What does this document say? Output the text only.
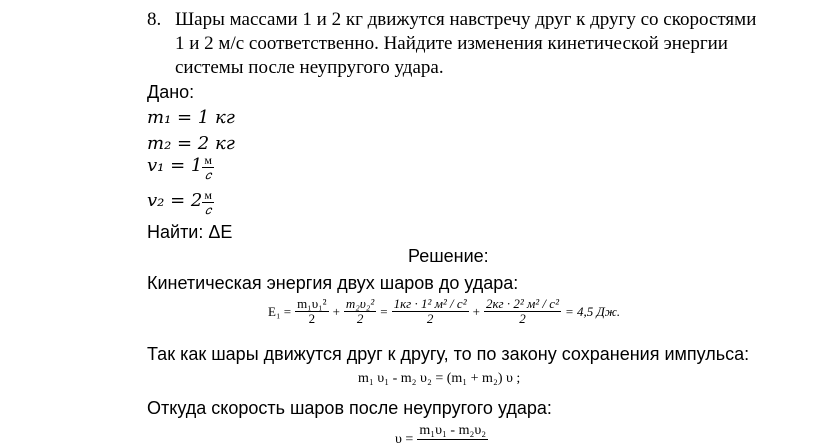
8. Шары массами 1 и 2 кг движутся навстречу друг к другу со скоростями
1 и 2 м/с соответственно. Найдите изменения кинетической энергии
системы после неупругого удара.
Дано:
𝑚₁ = 1 кг
𝑚₂ = 2 кг
𝑣₁ = $1 \frac{м}{\text{𝑐}}$
𝑣₂ = $2 \frac{м}{\text{𝑐}}$
Найти: ΔE
Решение:
Кинетическая энергия двух шаров до удара:
$E_1 = \frac{\text{m₁υ₁²}}{2} + \frac{\text{m₂υ₂²}}{2} = \frac{\text{1кг · 1² м² / с²}}{2} + \frac{\text{2кг · 2² м² / с²}}{2} = 4,5$ Дж.
Так как шары движутся друг к другу, то по закону сохранения импульса:
m₁ υ₁ - m₂ υ₂ = (m₁ + m₂) υ ;
Откуда скорость шаров после неупругого удара:
υ =
m₁υ₁ - m₂υ₂
